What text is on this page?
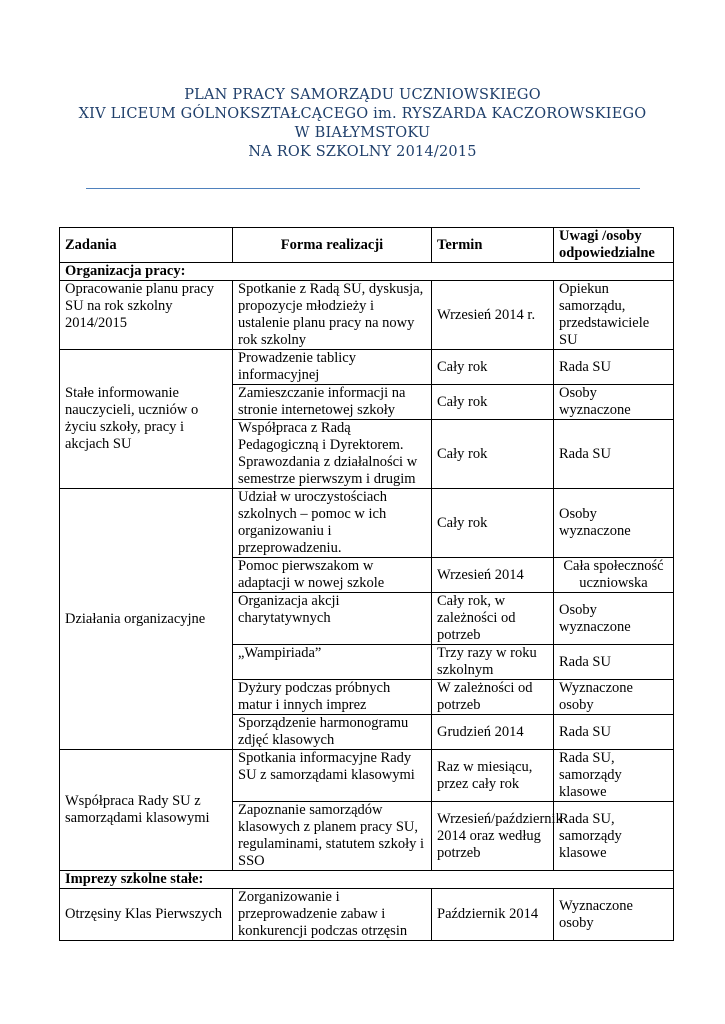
PLAN PRACY SAMORZĄDU UCZNIOWSKIEGO
XIV LICEUM GÓLNOKSZTAŁCĄCEGO im. RYSZARDA KACZOROWSKIEGO
W BIAŁYMSTOKU
NA ROK SZKOLNY 2014/2015
Zadania	Forma realizacji	Termin	Uwagi /osoby odpowiedzialne
Organizacja pracy:			
Opracowanie planu pracy SU na rok szkolny 2014/2015	Spotkanie z Radą SU, dyskusja, propozycje młodzieży i ustalenie planu pracy na nowy rok szkolny	Wrzesień 2014 r.	Opiekun samorządu, przedstawiciele SU
Stałe informowanie nauczycieli, uczniów o życiu szkoły, pracy i akcjach SU	Prowadzenie tablicy informacyjnej	Cały rok	Rada SU
	Zamieszczanie informacji na stronie internetowej szkoły	Cały rok	Osoby wyznaczone
	Współpraca z Radą Pedagogiczną i Dyrektorem. Sprawozdania z działalności w semestrze pierwszym i drugim	Cały rok	Rada SU
Działania organizacyjne	Udział w uroczystościach szkolnych – pomoc w ich organizowaniu i przeprowadzeniu.	Cały rok	Osoby wyznaczone
	Pomoc pierwszakom w adaptacji w nowej szkole	Wrzesień 2014	Cała społeczność uczniowska
	Organizacja akcji charytatywnych	Cały rok, w zależności od potrzeb	Osoby wyznaczone
	„Wampiriada”	Trzy razy w roku szkolnym	Rada SU
	Dyżury podczas próbnych matur i innych imprez	W zależności od potrzeb	Wyznaczone osoby
	Sporządzenie harmonogramu zdjęć klasowych	Grudzień 2014	Rada SU
Współpraca Rady SU z samorządami klasowymi	Spotkania informacyjne Rady SU z samorządami klasowymi	Raz w miesiącu, przez cały rok	Rada SU, samorządy klasowe
	Zapoznanie samorządów klasowych z planem pracy SU, regulaminami, statutem szkoły i SSO	Wrzesień/październik 2014 oraz według potrzeb	Rada SU, samorządy klasowe
Imprezy szkolne stałe:			
Otrzęsiny Klas Pierwszych	Zorganizowanie i przeprowadzenie zabaw i konkurencji podczas otrzęsin	Październik 2014	Wyznaczone osoby
